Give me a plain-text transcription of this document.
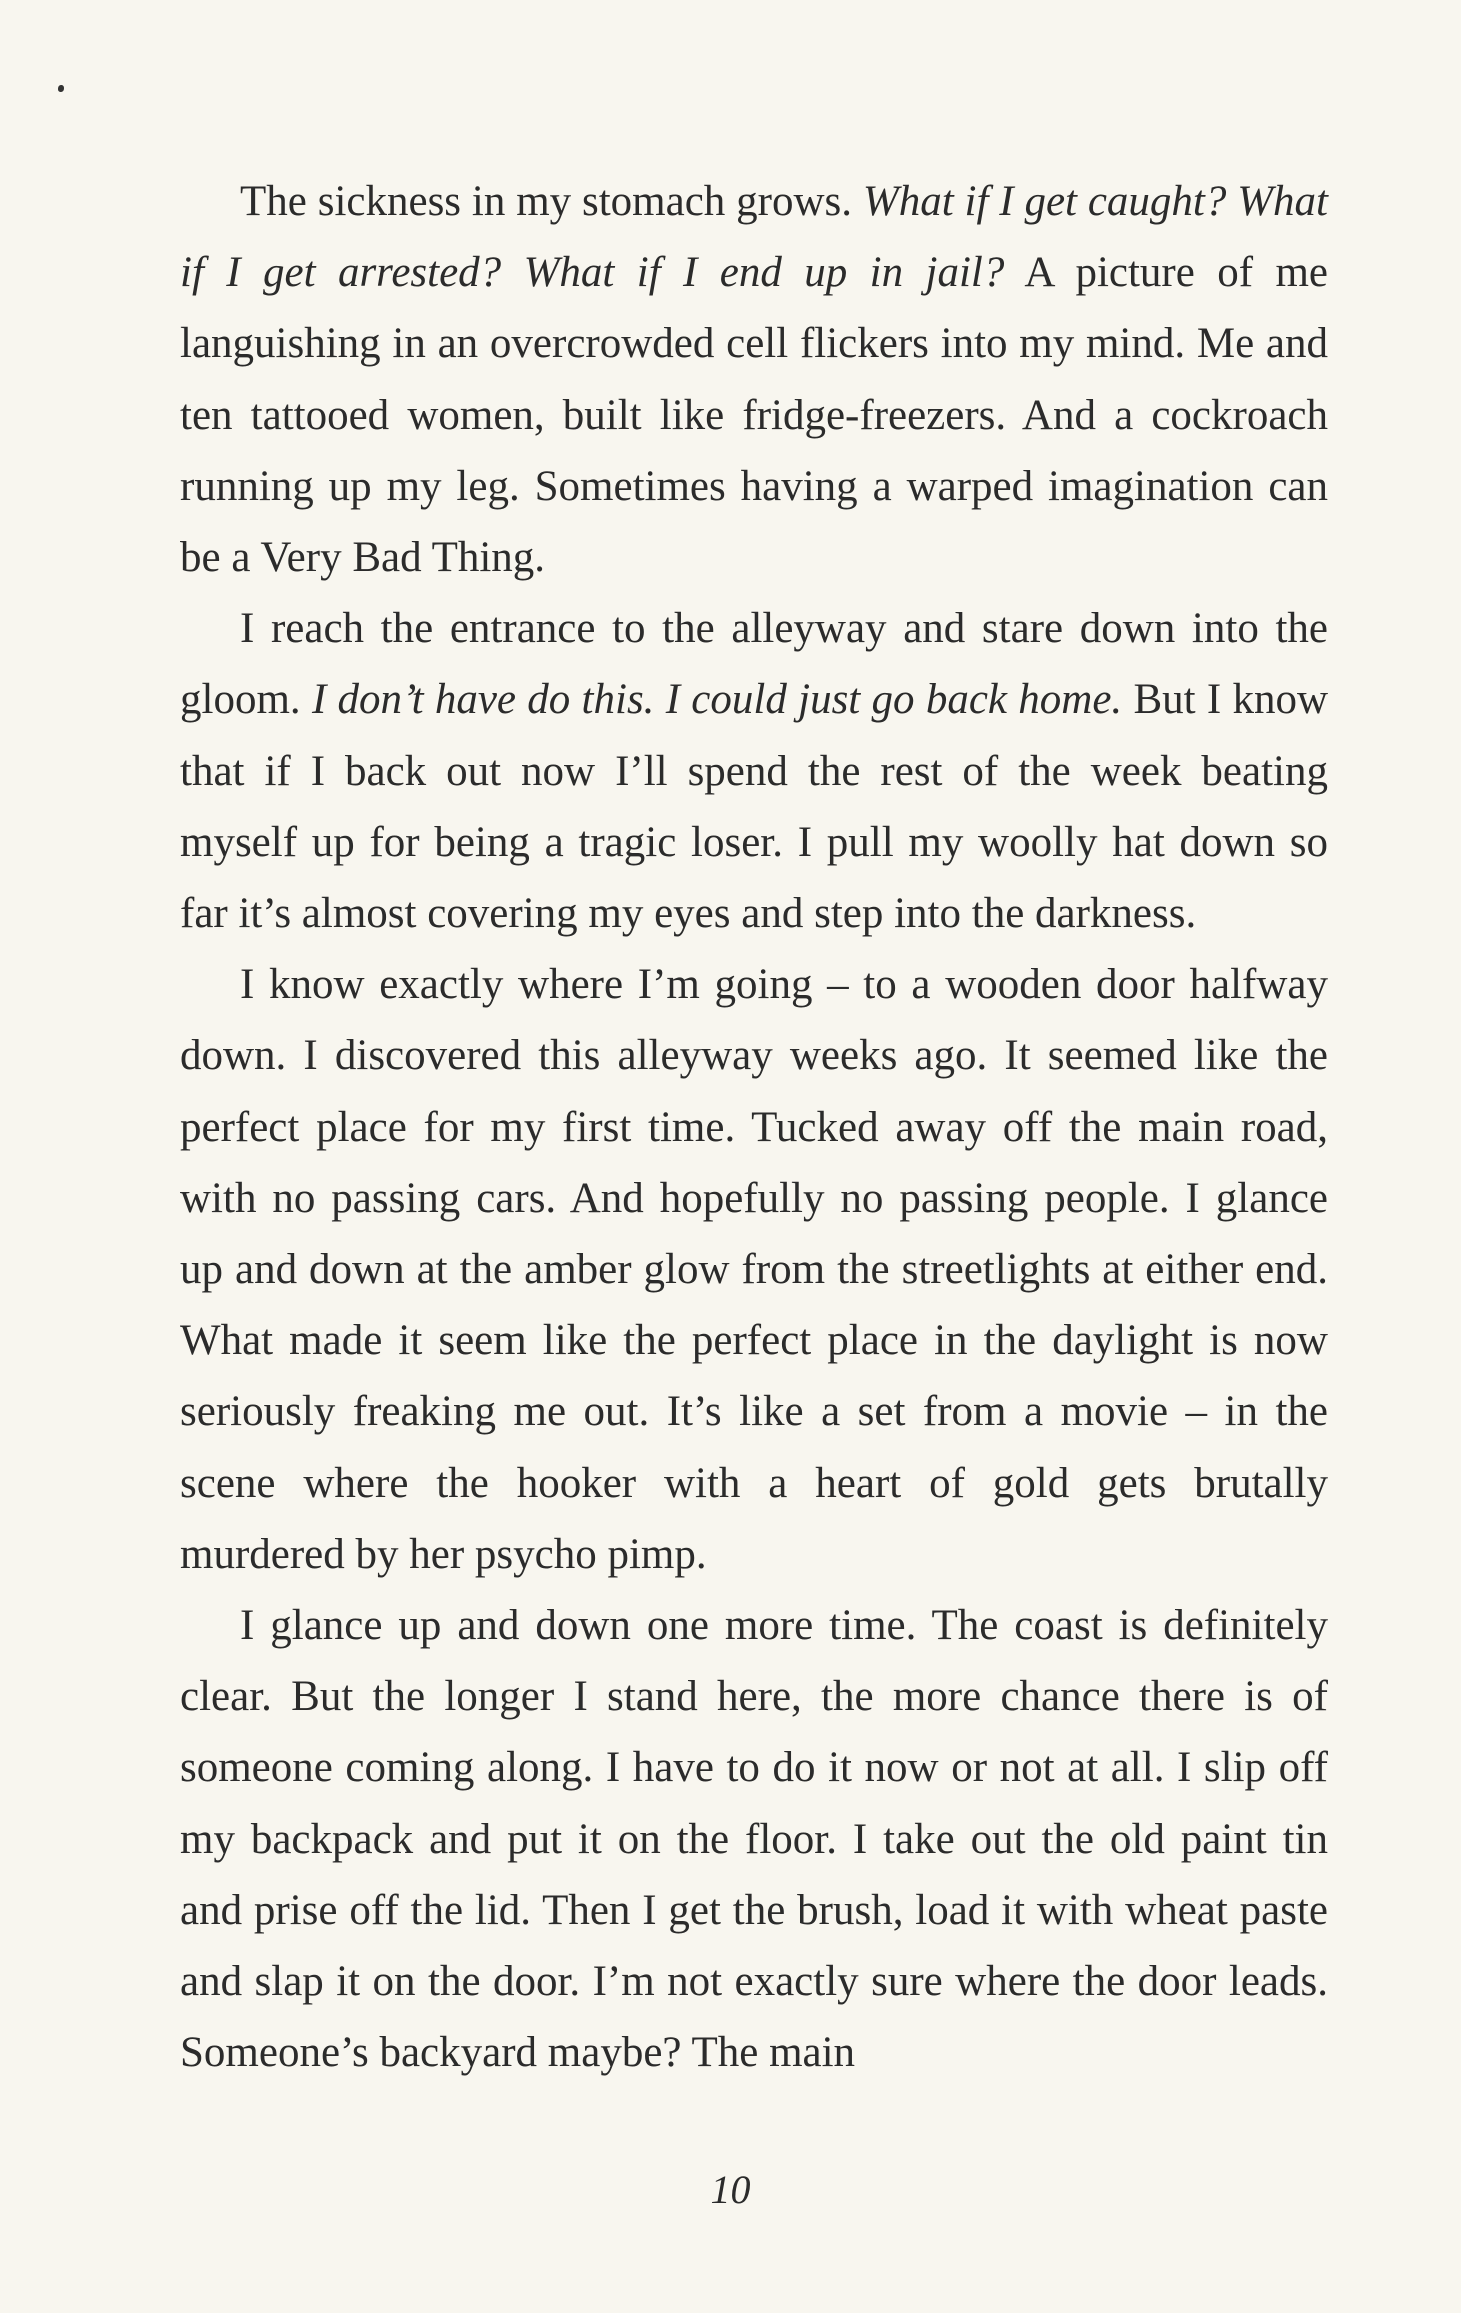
The sickness in my stomach grows. What if I get caught? What if I get arrested? What if I end up in jail? A picture of me languishing in an overcrowded cell flickers into my mind. Me and ten tattooed women, built like fridge-freezers. And a cockroach running up my leg. Sometimes having a warped imagination can be a Very Bad Thing.

I reach the entrance to the alleyway and stare down into the gloom. I don’t have do this. I could just go back home. But I know that if I back out now I’ll spend the rest of the week beating myself up for being a tragic loser. I pull my woolly hat down so far it’s almost covering my eyes and step into the darkness.

I know exactly where I’m going – to a wooden door halfway down. I discovered this alleyway weeks ago. It seemed like the perfect place for my first time. Tucked away off the main road, with no passing cars. And hopefully no passing people. I glance up and down at the amber glow from the streetlights at either end. What made it seem like the perfect place in the daylight is now seriously freaking me out. It’s like a set from a movie – in the scene where the hooker with a heart of gold gets brutally murdered by her psycho pimp.

I glance up and down one more time. The coast is definitely clear. But the longer I stand here, the more chance there is of someone coming along. I have to do it now or not at all. I slip off my backpack and put it on the floor. I take out the old paint tin and prise off the lid. Then I get the brush, load it with wheat paste and slap it on the door. I’m not exactly sure where the door leads. Someone’s backyard maybe? The main

10
